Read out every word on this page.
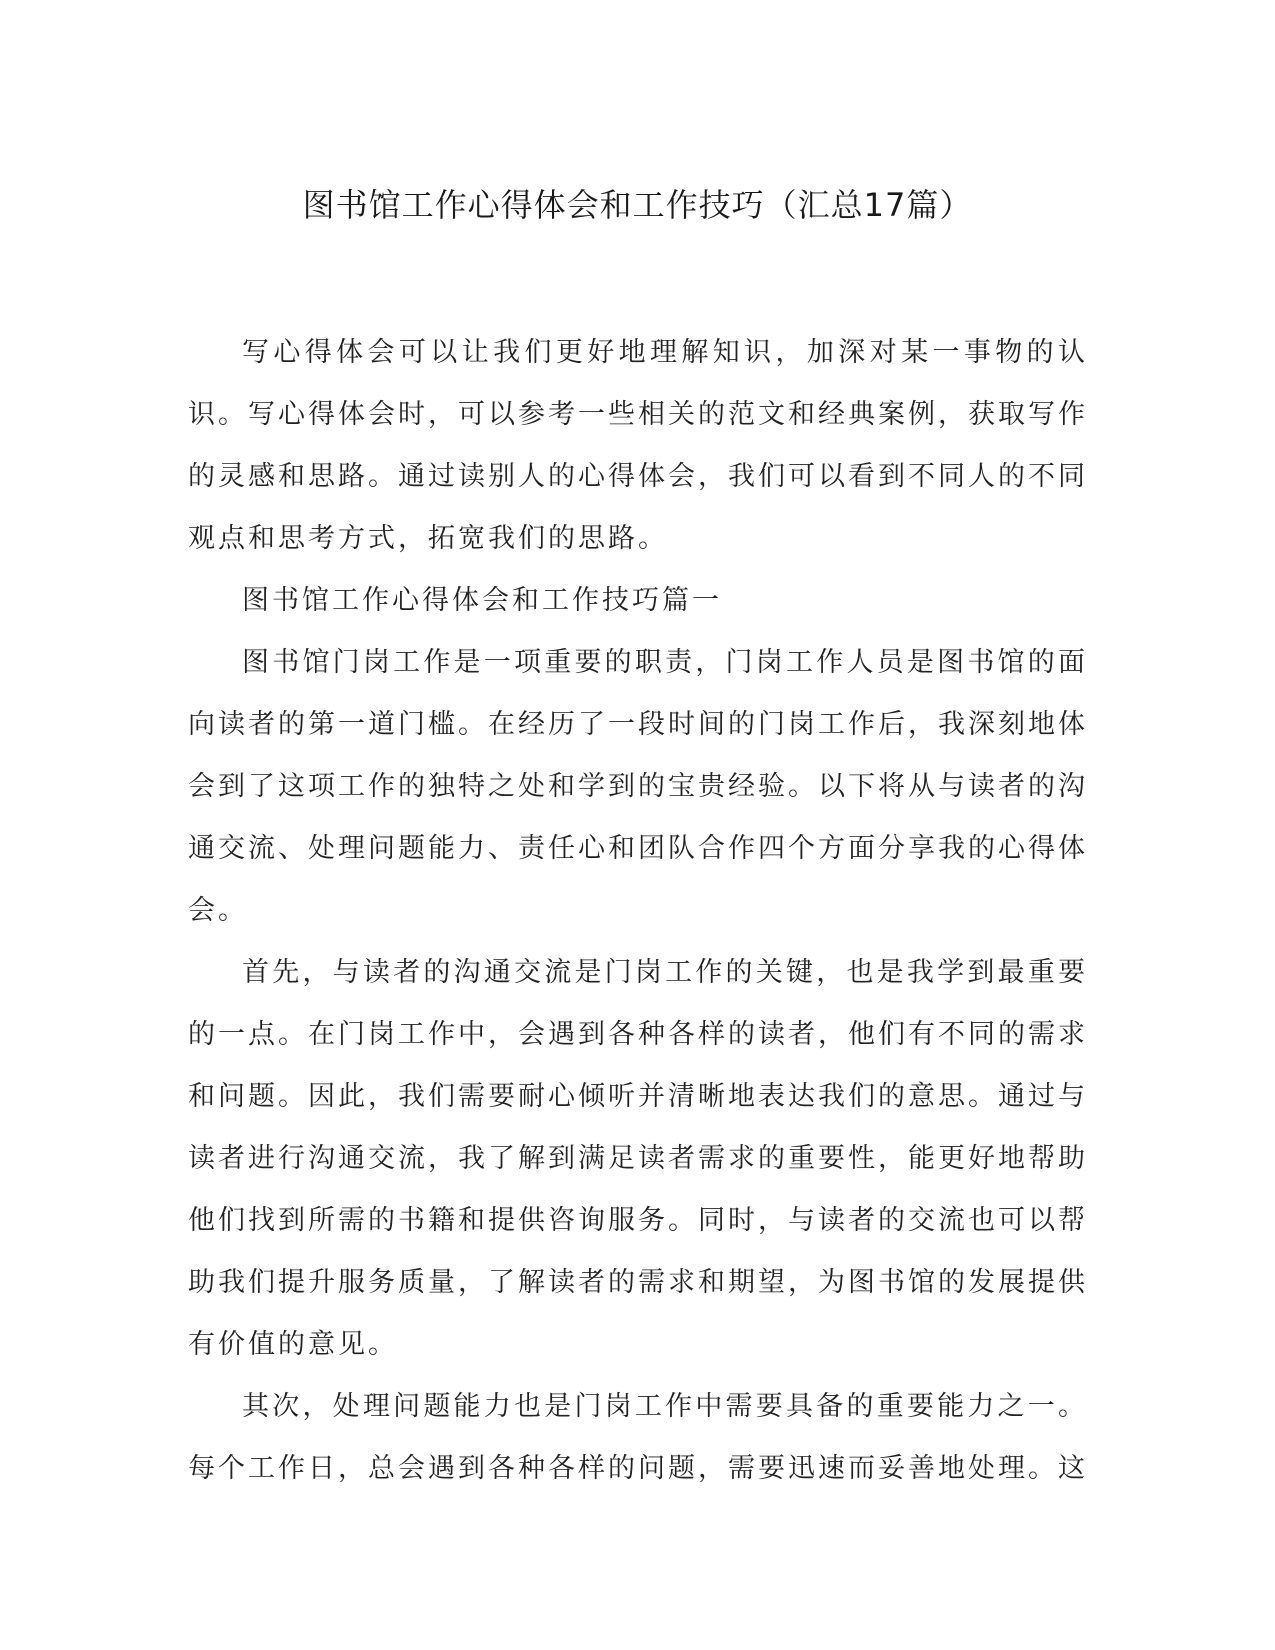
图书馆工作心得体会和工作技巧（汇总17篇）

写心得体会可以让我们更好地理解知识，加深对某一事物的认识。写心得体会时，可以参考一些相关的范文和经典案例，获取写作的灵感和思路。通过读别人的心得体会，我们可以看到不同人的不同观点和思考方式，拓宽我们的思路。

图书馆工作心得体会和工作技巧篇一

图书馆门岗工作是一项重要的职责，门岗工作人员是图书馆的面向读者的第一道门槛。在经历了一段时间的门岗工作后，我深刻地体会到了这项工作的独特之处和学到的宝贵经验。以下将从与读者的沟通交流、处理问题能力、责任心和团队合作四个方面分享我的心得体会。

首先，与读者的沟通交流是门岗工作的关键，也是我学到最重要的一点。在门岗工作中，会遇到各种各样的读者，他们有不同的需求和问题。因此，我们需要耐心倾听并清晰地表达我们的意思。通过与读者进行沟通交流，我了解到满足读者需求的重要性，能更好地帮助他们找到所需的书籍和提供咨询服务。同时，与读者的交流也可以帮助我们提升服务质量，了解读者的需求和期望，为图书馆的发展提供有价值的意见。

其次，处理问题能力也是门岗工作中需要具备的重要能力之一。每个工作日，总会遇到各种各样的问题，需要迅速而妥善地处理。这
